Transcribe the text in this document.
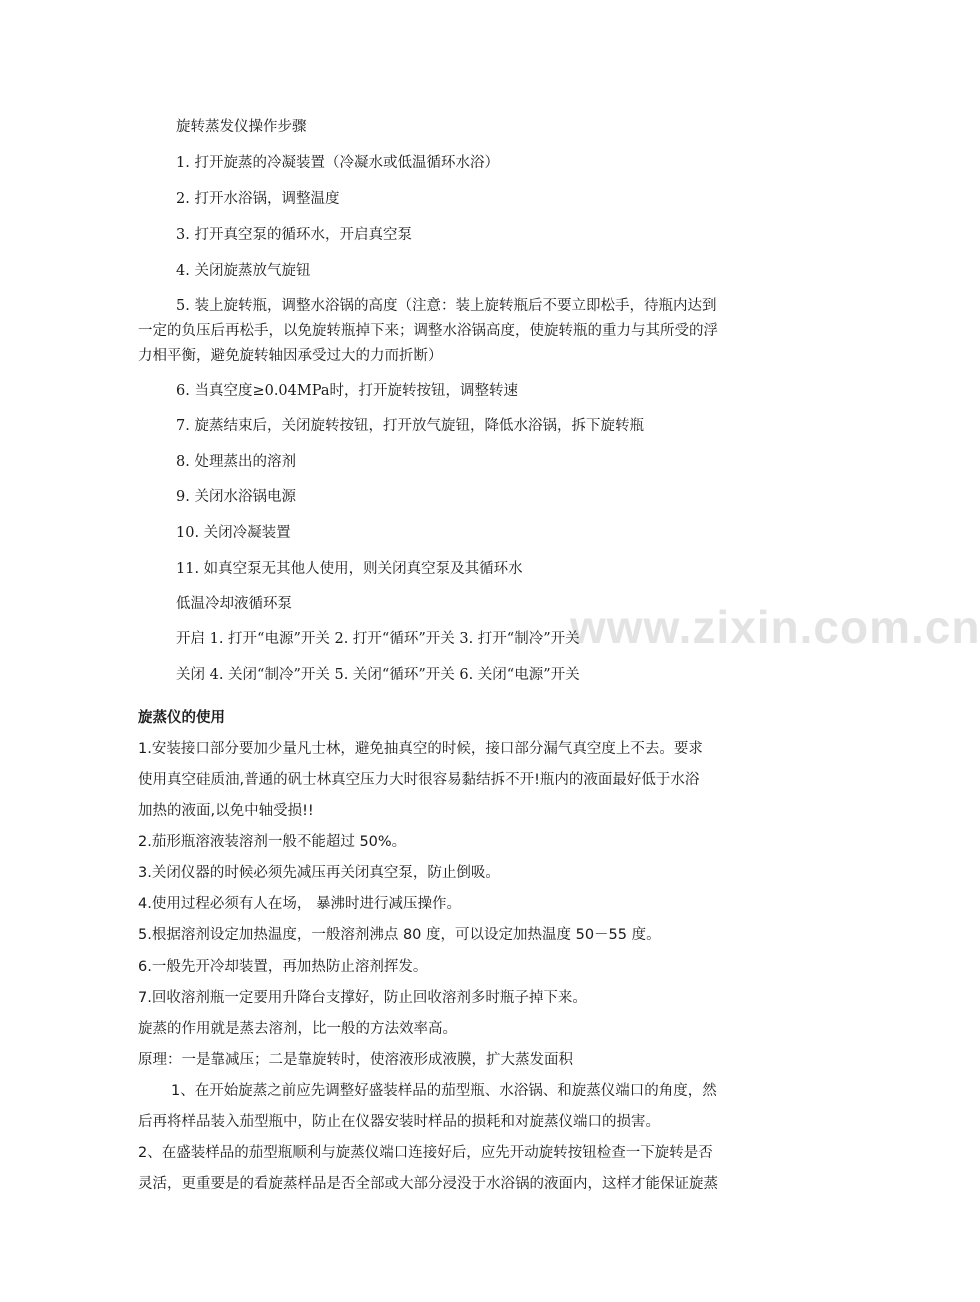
www.zixin.com.cn
旋转蒸发仪操作步骤
1. 打开旋蒸的冷凝装置（冷凝水或低温循环水浴）
2. 打开水浴锅，调整温度
3. 打开真空泵的循环水，开启真空泵
4. 关闭旋蒸放气旋钮
5. 装上旋转瓶，调整水浴锅的高度（注意：装上旋转瓶后不要立即松手，待瓶内达到
一定的负压后再松手，以免旋转瓶掉下来；调整水浴锅高度，使旋转瓶的重力与其所受的浮
力相平衡，避免旋转轴因承受过大的力而折断）
6. 当真空度≥0.04MPa时，打开旋转按钮，调整转速
7. 旋蒸结束后，关闭旋转按钮，打开放气旋钮，降低水浴锅，拆下旋转瓶
8. 处理蒸出的溶剂
9. 关闭水浴锅电源
10. 关闭冷凝装置
11. 如真空泵无其他人使用，则关闭真空泵及其循环水
低温冷却液循环泵
开启 1. 打开“电源”开关 2. 打开“循环”开关 3. 打开“制冷”开关
关闭 4. 关闭“制冷”开关 5. 关闭“循环”开关 6. 关闭“电源”开关
旋蒸仪的使用
1.安装接口部分要加少量凡士林，避免抽真空的时候，接口部分漏气真空度上不去。要求
使用真空硅质油,普通的矾士林真空压力大时很容易黏结拆不开!瓶内的液面最好低于水浴
加热的液面,以免中轴受损!!
2.茄形瓶溶液装溶剂一般不能超过 50%。
3.关闭仪器的时候必须先减压再关闭真空泵，防止倒吸。
4.使用过程必须有人在场， 暴沸时进行减压操作。
5.根据溶剂设定加热温度，一般溶剂沸点 80 度，可以设定加热温度 50－55 度。
6.一般先开冷却装置，再加热防止溶剂挥发。
7.回收溶剂瓶一定要用升降台支撑好，防止回收溶剂多时瓶子掉下来。
旋蒸的作用就是蒸去溶剂，比一般的方法效率高。
原理：一是靠减压；二是靠旋转时，使溶液形成液膜，扩大蒸发面积
1、在开始旋蒸之前应先调整好盛装样品的茄型瓶、水浴锅、和旋蒸仪端口的角度，然
后再将样品装入茄型瓶中，防止在仪器安装时样品的损耗和对旋蒸仪端口的损害。
2、在盛装样品的茄型瓶顺利与旋蒸仪端口连接好后，应先开动旋转按钮检查一下旋转是否
灵活，更重要是的看旋蒸样品是否全部或大部分浸没于水浴锅的液面内，这样才能保证旋蒸
